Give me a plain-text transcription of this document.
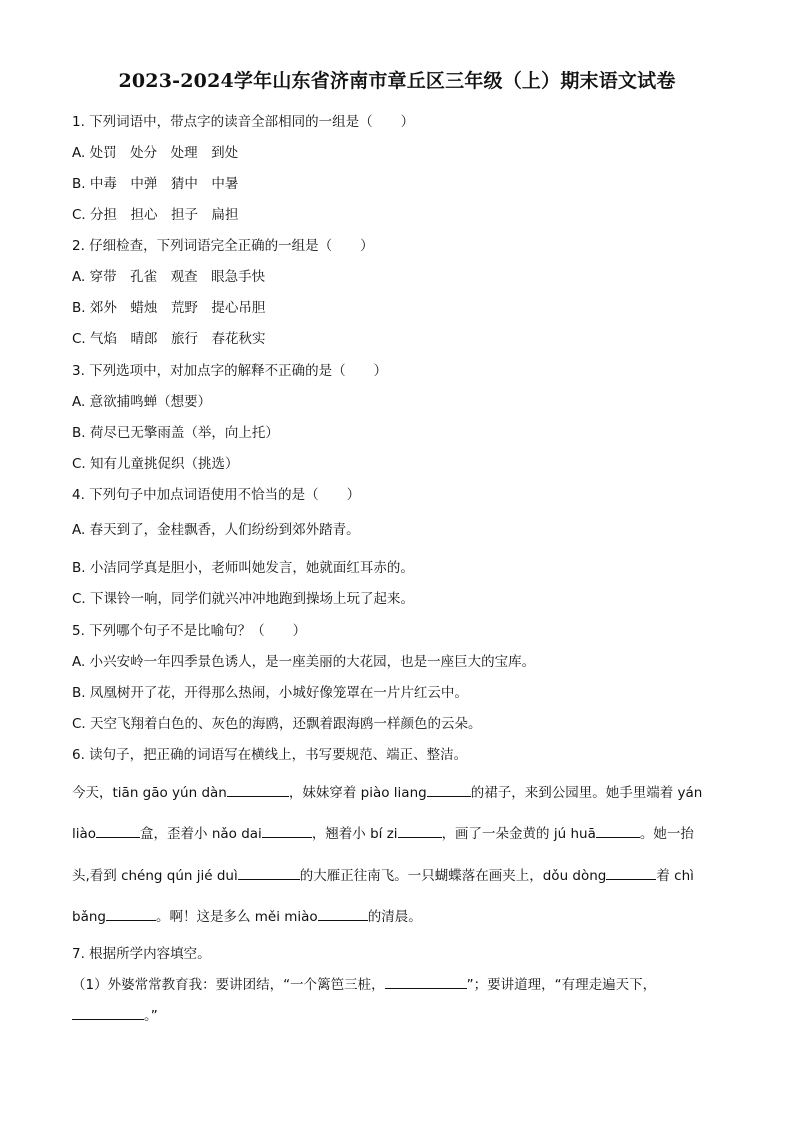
2023-2024学年山东省济南市章丘区三年级（上）期末语文试卷
1. 下列词语中，带点字的读音全部相同的一组是（ ）
A. 处罚　处分　处理　到处
B. 中毒　中弹　猜中　中暑
C. 分担　担心　担子　扁担
2. 仔细检查，下列词语完全正确的一组是（ ）
A. 穿带　孔雀　观查　眼急手快
B. 郊外　蜡烛　荒野　提心吊胆
C. 气焰　晴郎　旅行　春花秋实
3. 下列选项中，对加点字的解释不正确的是（ ）
A. 意欲捕鸣蝉（想要）
B. 荷尽已无擎雨盖（举，向上托）
C. 知有儿童挑促织（挑选）
4. 下列句子中加点词语使用不恰当的是（ ）
A. 春天到了，金桂飘香，人们纷纷到郊外踏青。
B. 小洁同学真是胆小，老师叫她发言，她就面红耳赤的。
C. 下课铃一响，同学们就兴冲冲地跑到操场上玩了起来。
5. 下列哪个句子不是比喻句？（ ）
A. 小兴安岭一年四季景色诱人，是一座美丽的大花园，也是一座巨大的宝库。
B. 凤凰树开了花，开得那么热闹，小城好像笼罩在一片片红云中。
C. 天空飞翔着白色的、灰色的海鸥，还飘着跟海鸥一样颜色的云朵。
6. 读句子，把正确的词语写在横线上，书写要规范、端正、整洁。
今天，tiān gāo yún dàn	，妹妹穿着 piào liang	的裙子，来到公园里。她手里端着 yán
liào	盒，歪着小 nǎo dai	，翘着小 bí zi	，画了一朵金黄的 jú huā	。她一抬
头,看到 chéng qún jié duì	的大雁正往南飞。一只蝴蝶落在画夹上，dǒu dòng	着 chì
bǎng	。啊！这是多么 měi miào	的清晨。
7. 根据所学内容填空。
（1）外婆常常教育我：要讲团结，“一个篱笆三桩，	”；要讲道理，“有理走遍天下，
。”
